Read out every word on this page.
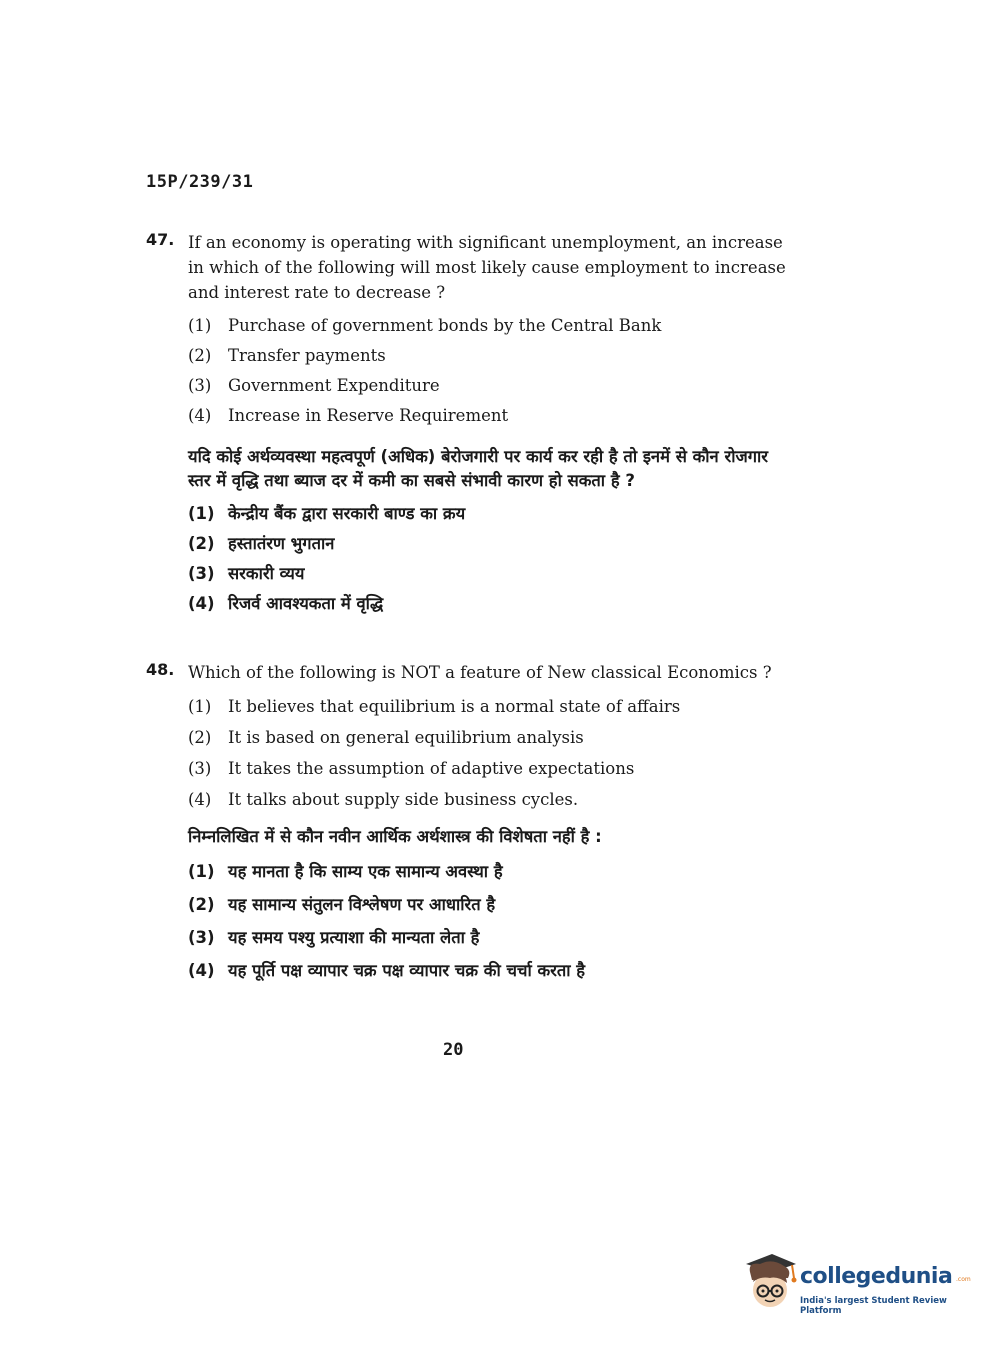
15P/239/31
47. If an economy is operating with significant unemployment, an increase in which of the following will most likely cause employment to increase and interest rate to decrease ?
(1)	Purchase of government bonds by the Central Bank
(2)	Transfer payments
(3)	Government Expenditure
(4)	Increase in Reserve Requirement
यदि कोई अर्थव्यवस्था महत्वपूर्ण (अधिक) बेरोजगारी पर कार्य कर रही है तो इनमें से कौन रोजगार स्तर में वृद्धि तथा ब्याज दर में कमी का सबसे संभावी कारण हो सकता है ?
(1) केन्द्रीय बैंक द्वारा सरकारी बाण्ड का क्रय
(2) हस्तातंरण भुगतान
(3) सरकारी व्यय
(4) रिजर्व आवश्यकता में वृद्धि
48. Which of the following is NOT a feature of New classical Economics ?
(1)	It believes that equilibrium is a normal state of affairs
(2)	It is based on general equilibrium analysis
(3)	It takes the assumption of adaptive expectations
(4)	It talks about supply side business cycles.
निम्नलिखित में से कौन नवीन आर्थिक अर्थशास्त्र की विशेषता नहीं है :
(1) यह मानता है कि साम्य एक सामान्य अवस्था है
(2) यह सामान्य संतुलन विश्लेषण पर आधारित है
(3) यह समय पश्यु प्रत्याशा की मान्यता लेता है
(4) यह पूर्ति पक्ष व्यापार चक्र पक्ष व्यापार चक्र की चर्चा करता है
20
collegedunia .com
India's largest Student Review Platform
